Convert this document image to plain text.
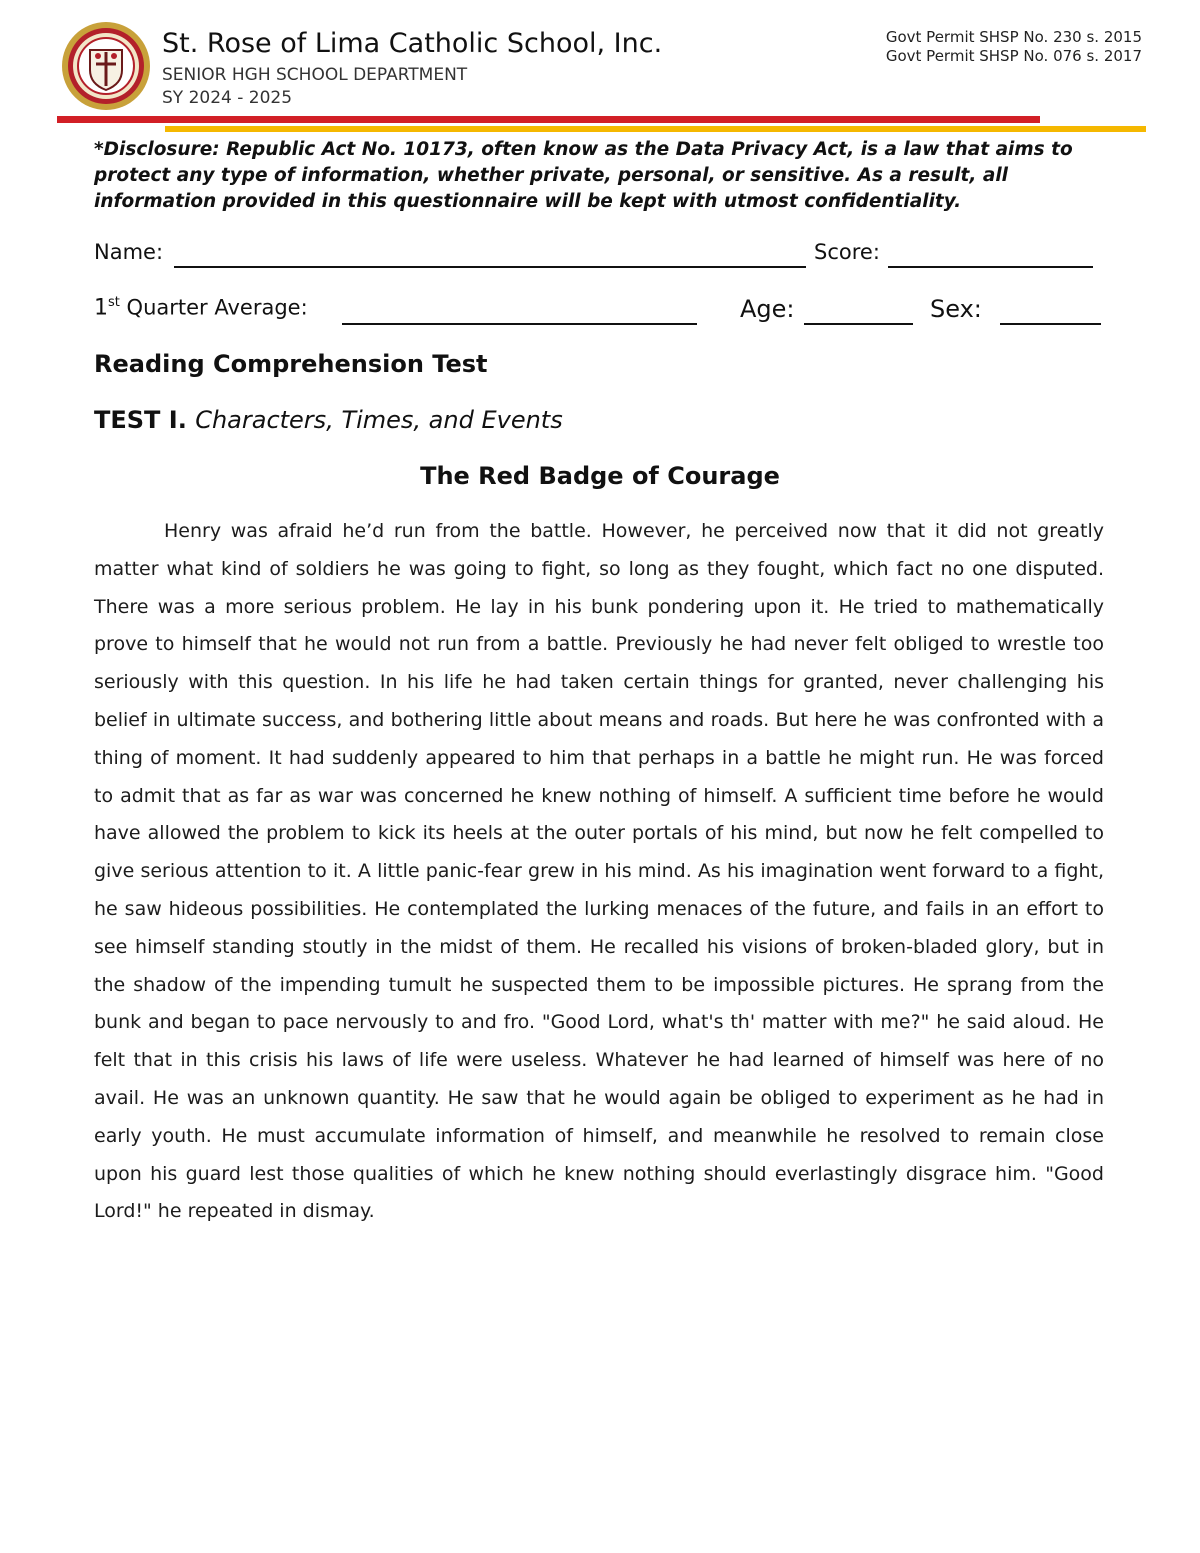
St. Rose of Lima Catholic School, Inc.
SENIOR HGH SCHOOL DEPARTMENT
SY 2024 - 2025
Govt Permit SHSP No. 230 s. 2015
Govt Permit SHSP No. 076 s. 2017
*Disclosure: Republic Act No. 10173, often know as the Data Privacy Act, is a law that aims to protect any type of information, whether private, personal, or sensitive. As a result, all information provided in this questionnaire will be kept with utmost confidentiality.
Name:	Score:
1st Quarter Average:	Age:	Sex:
Reading Comprehension Test
TEST I. Characters, Times, and Events
The Red Badge of Courage

Henry was afraid he’d run from the battle. However, he perceived now that it did not greatly matter what kind of soldiers he was going to fight, so long as they fought, which fact no one disputed. There was a more serious problem. He lay in his bunk pondering upon it. He tried to mathematically prove to himself that he would not run from a battle. Previously he had never felt obliged to wrestle too seriously with this question. In his life he had taken certain things for granted, never challenging his belief in ultimate success, and bothering little about means and roads. But here he was confronted with a thing of moment. It had suddenly appeared to him that perhaps in a battle he might run. He was forced to admit that as far as war was concerned he knew nothing of himself. A sufficient time before he would have allowed the problem to kick its heels at the outer portals of his mind, but now he felt compelled to give serious attention to it. A little panic-fear grew in his mind. As his imagination went forward to a fight, he saw hideous possibilities. He contemplated the lurking menaces of the future, and fails in an effort to see himself standing stoutly in the midst of them. He recalled his visions of broken-bladed glory, but in the shadow of the impending tumult he suspected them to be impossible pictures. He sprang from the bunk and began to pace nervously to and fro. "Good Lord, what's th' matter with me?" he said aloud. He felt that in this crisis his laws of life were useless. Whatever he had learned of himself was here of no avail. He was an unknown quantity. He saw that he would again be obliged to experiment as he had in early youth. He must accumulate information of himself, and meanwhile he resolved to remain close upon his guard lest those qualities of which he knew nothing should everlastingly disgrace him. "Good Lord!" he repeated in dismay.
